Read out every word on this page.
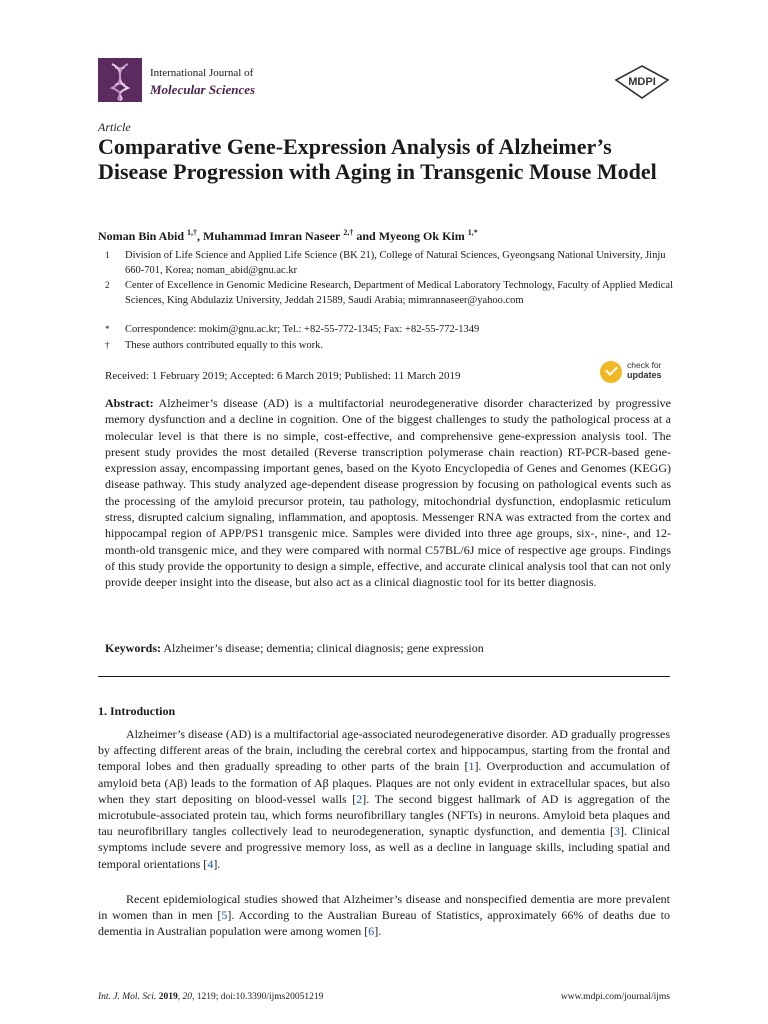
International Journal of
Molecular Sciences	MDPI
Article
Comparative Gene-Expression Analysis of Alzheimer’s Disease Progression with Aging in Transgenic Mouse Model
Noman Bin Abid $^{1,\dagger}$, Muhammad Imran Naseer $^{2,\dagger}$ and Myeong Ok Kim $^{1,*}$
1 Division of Life Science and Applied Life Science (BK 21), College of Natural Sciences, Gyeongsang National University, Jinju 660-701, Korea; noman_abid@gnu.ac.kr
2 Center of Excellence in Genomic Medicine Research, Department of Medical Laboratory Technology, Faculty of Applied Medical Sciences, King Abdulaziz University, Jeddah 21589, Saudi Arabia; mimrannaseer@yahoo.com
* Correspondence: mokim@gnu.ac.kr; Tel.: +82-55-772-1345; Fax: +82-55-772-1349
† These authors contributed equally to this work.
Received: 1 February 2019; Accepted: 6 March 2019; Published: 11 March 2019
check for
updates
Abstract: Alzheimer’s disease (AD) is a multifactorial neurodegenerative disorder characterized by progressive memory dysfunction and a decline in cognition. One of the biggest challenges to study the pathological process at a molecular level is that there is no simple, cost-effective, and comprehensive gene-expression analysis tool. The present study provides the most detailed (Reverse transcription polymerase chain reaction) RT-PCR-based gene-expression assay, encompassing important genes, based on the Kyoto Encyclopedia of Genes and Genomes (KEGG) disease pathway. This study analyzed age-dependent disease progression by focusing on pathological events such as the processing of the amyloid precursor protein, tau pathology, mitochondrial dysfunction, endoplasmic reticulum stress, disrupted calcium signaling, inflammation, and apoptosis. Messenger RNA was extracted from the cortex and hippocampal region of APP/PS1 transgenic mice. Samples were divided into three age groups, six-, nine-, and 12-month-old transgenic mice, and they were compared with normal C57BL/6J mice of respective age groups. Findings of this study provide the opportunity to design a simple, effective, and accurate clinical analysis tool that can not only provide deeper insight into the disease, but also act as a clinical diagnostic tool for its better diagnosis.
Keywords: Alzheimer’s disease; dementia; clinical diagnosis; gene expression
1. Introduction
Alzheimer’s disease (AD) is a multifactorial age-associated neurodegenerative disorder. AD gradually progresses by affecting different areas of the brain, including the cerebral cortex and hippocampus, starting from the frontal and temporal lobes and then gradually spreading to other parts of the brain [1]. Overproduction and accumulation of amyloid beta (Aβ) leads to the formation of Aβ plaques. Plaques are not only evident in extracellular spaces, but also when they start depositing on blood-vessel walls [2]. The second biggest hallmark of AD is aggregation of the microtubule-associated protein tau, which forms neurofibrillary tangles (NFTs) in neurons. Amyloid beta plaques and tau neurofibrillary tangles collectively lead to neurodegeneration, synaptic dysfunction, and dementia [3]. Clinical symptoms include severe and progressive memory loss, as well as a decline in language skills, including spatial and temporal orientations [4].
Recent epidemiological studies showed that Alzheimer’s disease and nonspecified dementia are more prevalent in women than in men [5]. According to the Australian Bureau of Statistics, approximately 66% of deaths due to dementia in Australian population were among women [6].
Int. J. Mol. Sci. 2019, 20, 1219; doi:10.3390/ijms20051219	www.mdpi.com/journal/ijms
